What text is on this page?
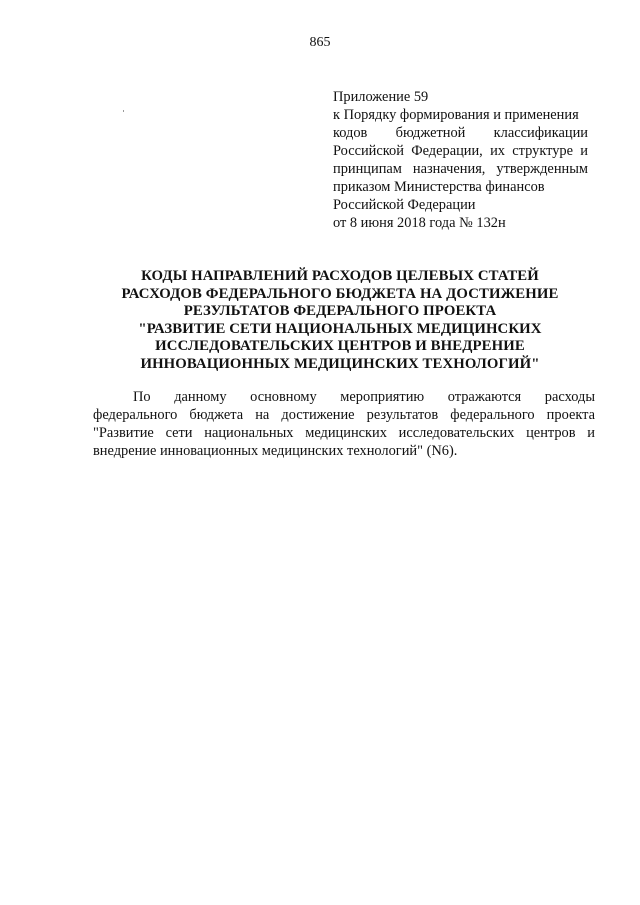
865
Приложение 59
к Порядку формирования и применения
кодов бюджетной классификации
Российской Федерации, их структуре и
принципам назначения, утвержденным
приказом Министерства финансов
Российской Федерации
от 8 июня 2018 года № 132н
КОДЫ НАПРАВЛЕНИЙ РАСХОДОВ ЦЕЛЕВЫХ СТАТЕЙ
РАСХОДОВ ФЕДЕРАЛЬНОГО БЮДЖЕТА НА ДОСТИЖЕНИЕ
РЕЗУЛЬТАТОВ ФЕДЕРАЛЬНОГО ПРОЕКТА
"РАЗВИТИЕ СЕТИ НАЦИОНАЛЬНЫХ МЕДИЦИНСКИХ
ИССЛЕДОВАТЕЛЬСКИХ ЦЕНТРОВ И ВНЕДРЕНИЕ
ИННОВАЦИОННЫХ МЕДИЦИНСКИХ ТЕХНОЛОГИЙ"
По данному основному мероприятию отражаются расходы
федерального бюджета на достижение результатов федерального проекта
"Развитие сети национальных медицинских исследовательских центров и
внедрение инновационных медицинских технологий" (N6).
